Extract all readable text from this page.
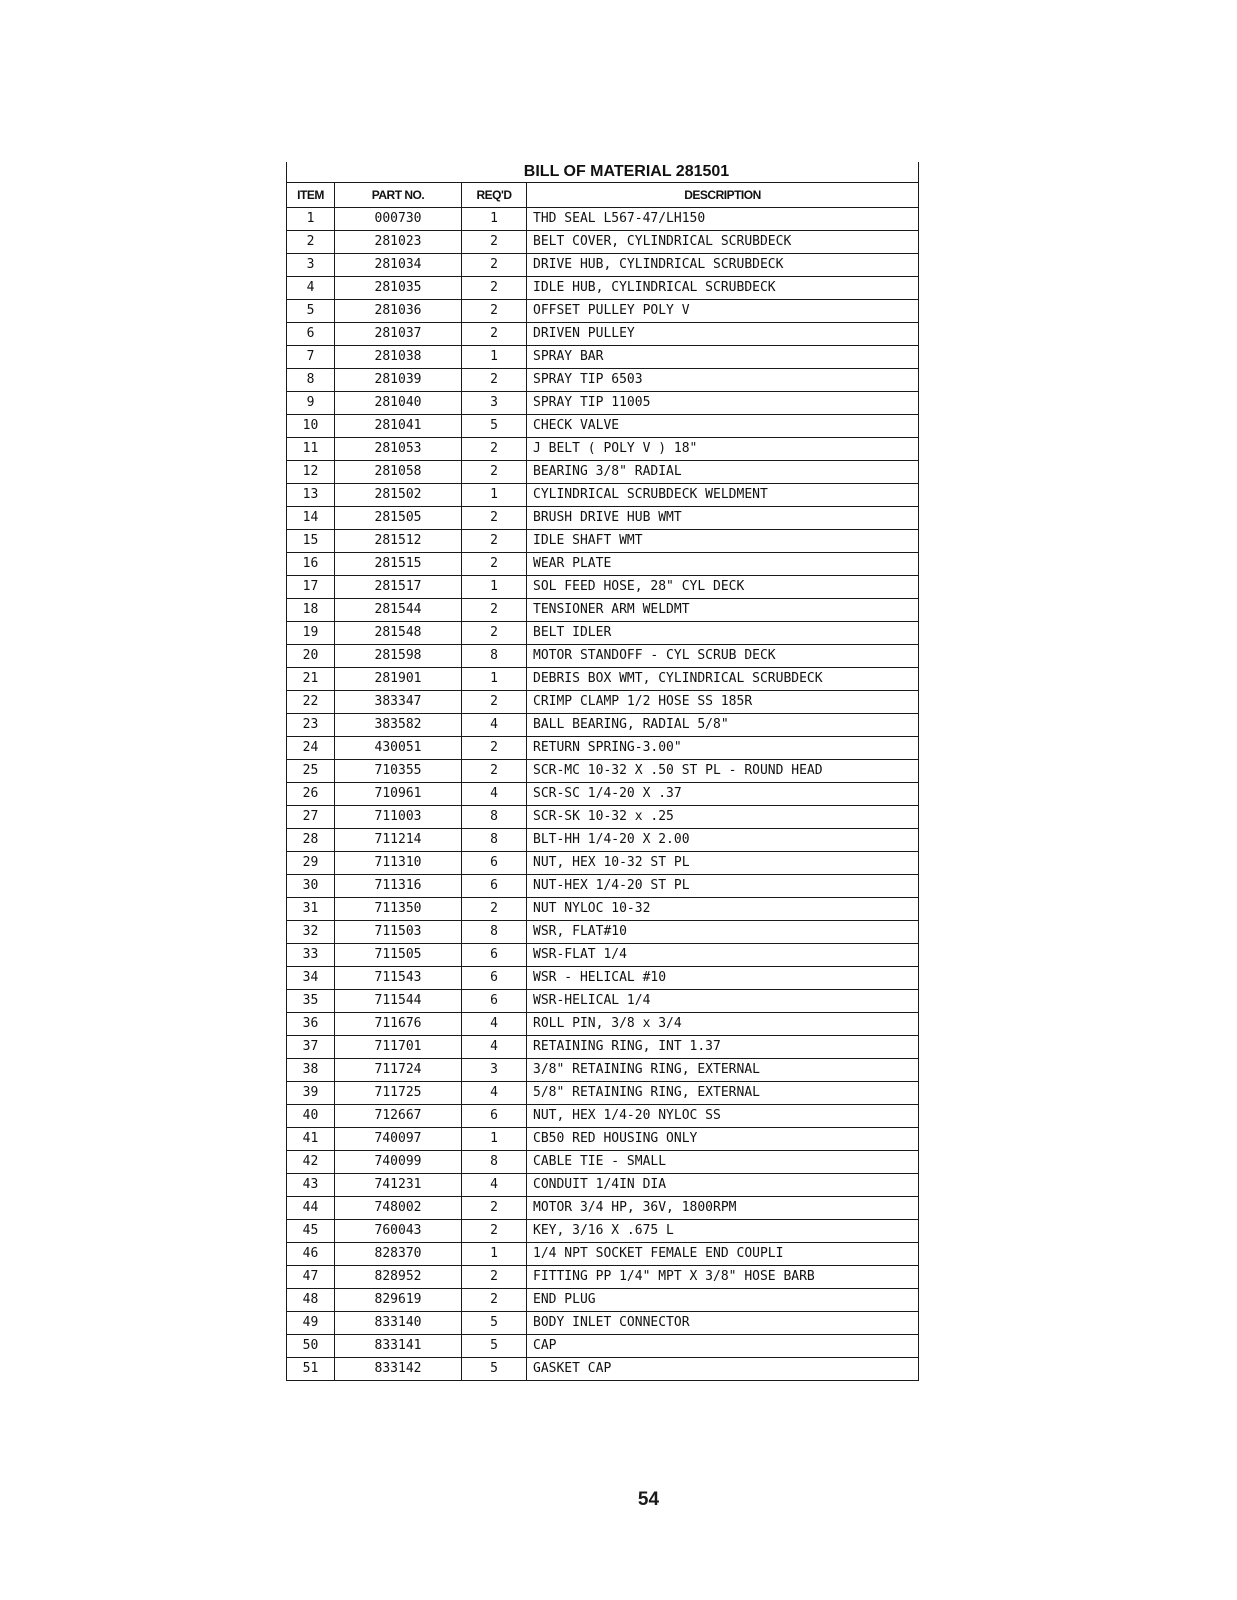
BILL OF MATERIAL 281501
ITEM	PART NO.	REQ'D	DESCRIPTION
1	000730	1	THD SEAL L567-47/LH150
2	281023	2	BELT COVER, CYLINDRICAL SCRUBDECK
3	281034	2	DRIVE HUB, CYLINDRICAL SCRUBDECK
4	281035	2	IDLE HUB, CYLINDRICAL SCRUBDECK
5	281036	2	OFFSET PULLEY POLY V
6	281037	2	DRIVEN PULLEY
7	281038	1	SPRAY BAR
8	281039	2	SPRAY TIP 6503
9	281040	3	SPRAY TIP 11005
10	281041	5	CHECK VALVE
11	281053	2	J BELT ( POLY V ) 18"
12	281058	2	BEARING 3/8" RADIAL
13	281502	1	CYLINDRICAL SCRUBDECK WELDMENT
14	281505	2	BRUSH DRIVE HUB WMT
15	281512	2	IDLE SHAFT WMT
16	281515	2	WEAR PLATE
17	281517	1	SOL FEED HOSE, 28" CYL DECK
18	281544	2	TENSIONER ARM WELDMT
19	281548	2	BELT IDLER
20	281598	8	MOTOR STANDOFF - CYL SCRUB DECK
21	281901	1	DEBRIS BOX WMT, CYLINDRICAL SCRUBDECK
22	383347	2	CRIMP CLAMP 1/2 HOSE SS 185R
23	383582	4	BALL BEARING, RADIAL 5/8"
24	430051	2	RETURN SPRING-3.00"
25	710355	2	SCR-MC 10-32 X .50 ST PL - ROUND HEAD
26	710961	4	SCR-SC 1/4-20 X .37
27	711003	8	SCR-SK 10-32 x .25
28	711214	8	BLT-HH 1/4-20 X 2.00
29	711310	6	NUT, HEX 10-32 ST PL
30	711316	6	NUT-HEX 1/4-20 ST PL
31	711350	2	NUT NYLOC 10-32
32	711503	8	WSR, FLAT#10
33	711505	6	WSR-FLAT 1/4
34	711543	6	WSR - HELICAL #10
35	711544	6	WSR-HELICAL 1/4
36	711676	4	ROLL PIN, 3/8 x 3/4
37	711701	4	RETAINING RING, INT 1.37
38	711724	3	3/8" RETAINING RING, EXTERNAL
39	711725	4	5/8" RETAINING RING, EXTERNAL
40	712667	6	NUT, HEX 1/4-20 NYLOC SS
41	740097	1	CB50 RED HOUSING ONLY
42	740099	8	CABLE TIE - SMALL
43	741231	4	CONDUIT 1/4IN DIA
44	748002	2	MOTOR 3/4 HP, 36V, 1800RPM
45	760043	2	KEY, 3/16 X .675 L
46	828370	1	1/4 NPT SOCKET FEMALE END COUPLI
47	828952	2	FITTING PP 1/4" MPT X 3/8" HOSE BARB
48	829619	2	END PLUG
49	833140	5	BODY INLET CONNECTOR
50	833141	5	CAP
51	833142	5	GASKET CAP
54
